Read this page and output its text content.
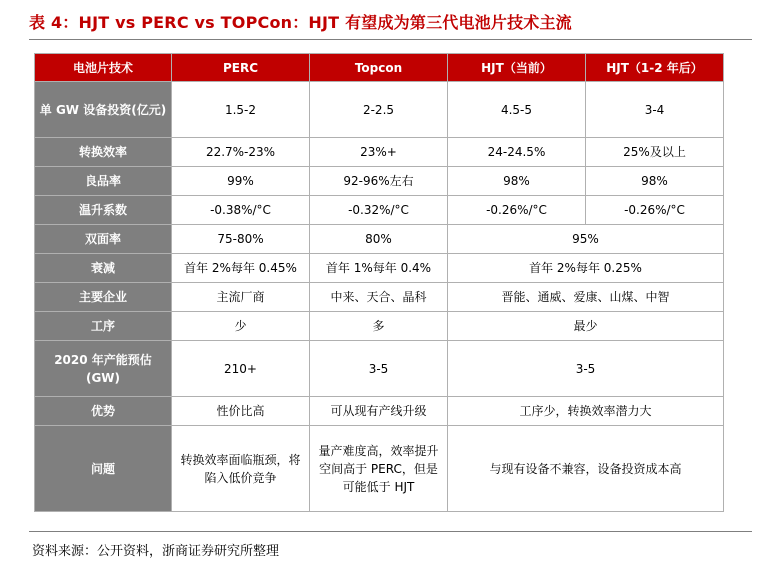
表 4：HJT vs PERC vs TOPCon：HJT 有望成为第三代电池片技术主流
电池片技术	PERC	Topcon	HJT（当前）	HJT（1-2 年后）
单 GW 设备投资(亿元)	1.5-2	2-2.5	4.5-5	3-4
转换效率	22.7%-23%	23%+	24-24.5%	25%及以上
良品率	99%	92-96%左右	98%	98%
温升系数	-0.38%/°C	-0.32%/°C	-0.26%/°C	-0.26%/°C
双面率	75-80%	80%	95%	
衰减	首年 2%每年 0.45%	首年 1%每年 0.4%	首年 2%每年 0.25%	
主要企业	主流厂商	中来、天合、晶科	晋能、通威、爱康、山煤、中智	
工序	少	多	最少	
2020 年产能预估(GW)	210+	3-5	3-5	
优势	性价比高	可从现有产线升级	工序少，转换效率潜力大	
问题	转换效率面临瓶颈，将陷入低价竞争	量产难度高，效率提升空间高于 PERC，但是可能低于 HJT	与现有设备不兼容，设备投资成本高	
资料来源：公开资料，浙商证券研究所整理
